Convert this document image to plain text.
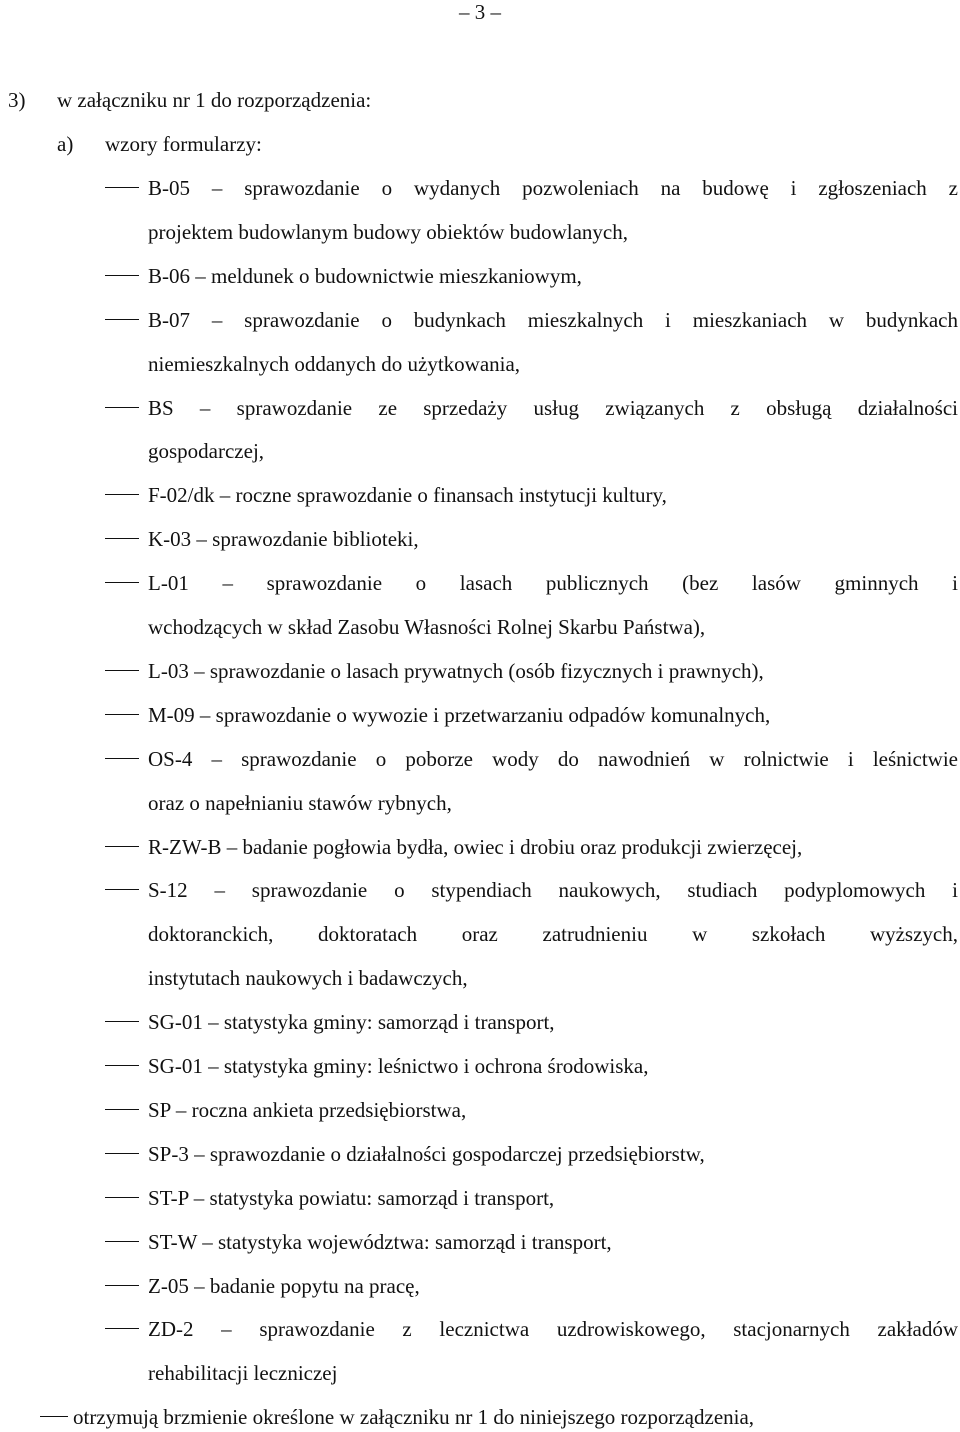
– 3 –
3) w załączniku nr 1 do rozporządzenia:
a) wzory formularzy:
B-05 – sprawozdanie o wydanych pozwoleniach na budowę i zgłoszeniach z
projektem budowlanym budowy obiektów budowlanych,
B-06 – meldunek o budownictwie mieszkaniowym,
B-07 – sprawozdanie o budynkach mieszkalnych i mieszkaniach w budynkach
niemieszkalnych oddanych do użytkowania,
BS – sprawozdanie ze sprzedaży usług związanych z obsługą działalności
gospodarczej,
F-02/dk – roczne sprawozdanie o finansach instytucji kultury,
K-03 – sprawozdanie biblioteki,
L-01 – sprawozdanie o lasach publicznych (bez lasów gminnych i
wchodzących w skład Zasobu Własności Rolnej Skarbu Państwa),
L-03 – sprawozdanie o lasach prywatnych (osób fizycznych i prawnych),
M-09 – sprawozdanie o wywozie i przetwarzaniu odpadów komunalnych,
OS-4 – sprawozdanie o poborze wody do nawodnień w rolnictwie i leśnictwie
oraz o napełnianiu stawów rybnych,
R-ZW-B – badanie pogłowia bydła, owiec i drobiu oraz produkcji zwierzęcej,
S-12 – sprawozdanie o stypendiach naukowych, studiach podyplomowych i
doktoranckich, doktoratach oraz zatrudnieniu w szkołach wyższych,
instytutach naukowych i badawczych,
SG-01 – statystyka gminy: samorząd i transport,
SG-01 – statystyka gminy: leśnictwo i ochrona środowiska,
SP – roczna ankieta przedsiębiorstwa,
SP-3 – sprawozdanie o działalności gospodarczej przedsiębiorstw,
ST-P – statystyka powiatu: samorząd i transport,
ST-W – statystyka województwa: samorząd i transport,
Z-05 – badanie popytu na pracę,
ZD-2 – sprawozdanie z lecznictwa uzdrowiskowego, stacjonarnych zakładów
rehabilitacji leczniczej
otrzymują brzmienie określone w załączniku nr 1 do niniejszego rozporządzenia,
